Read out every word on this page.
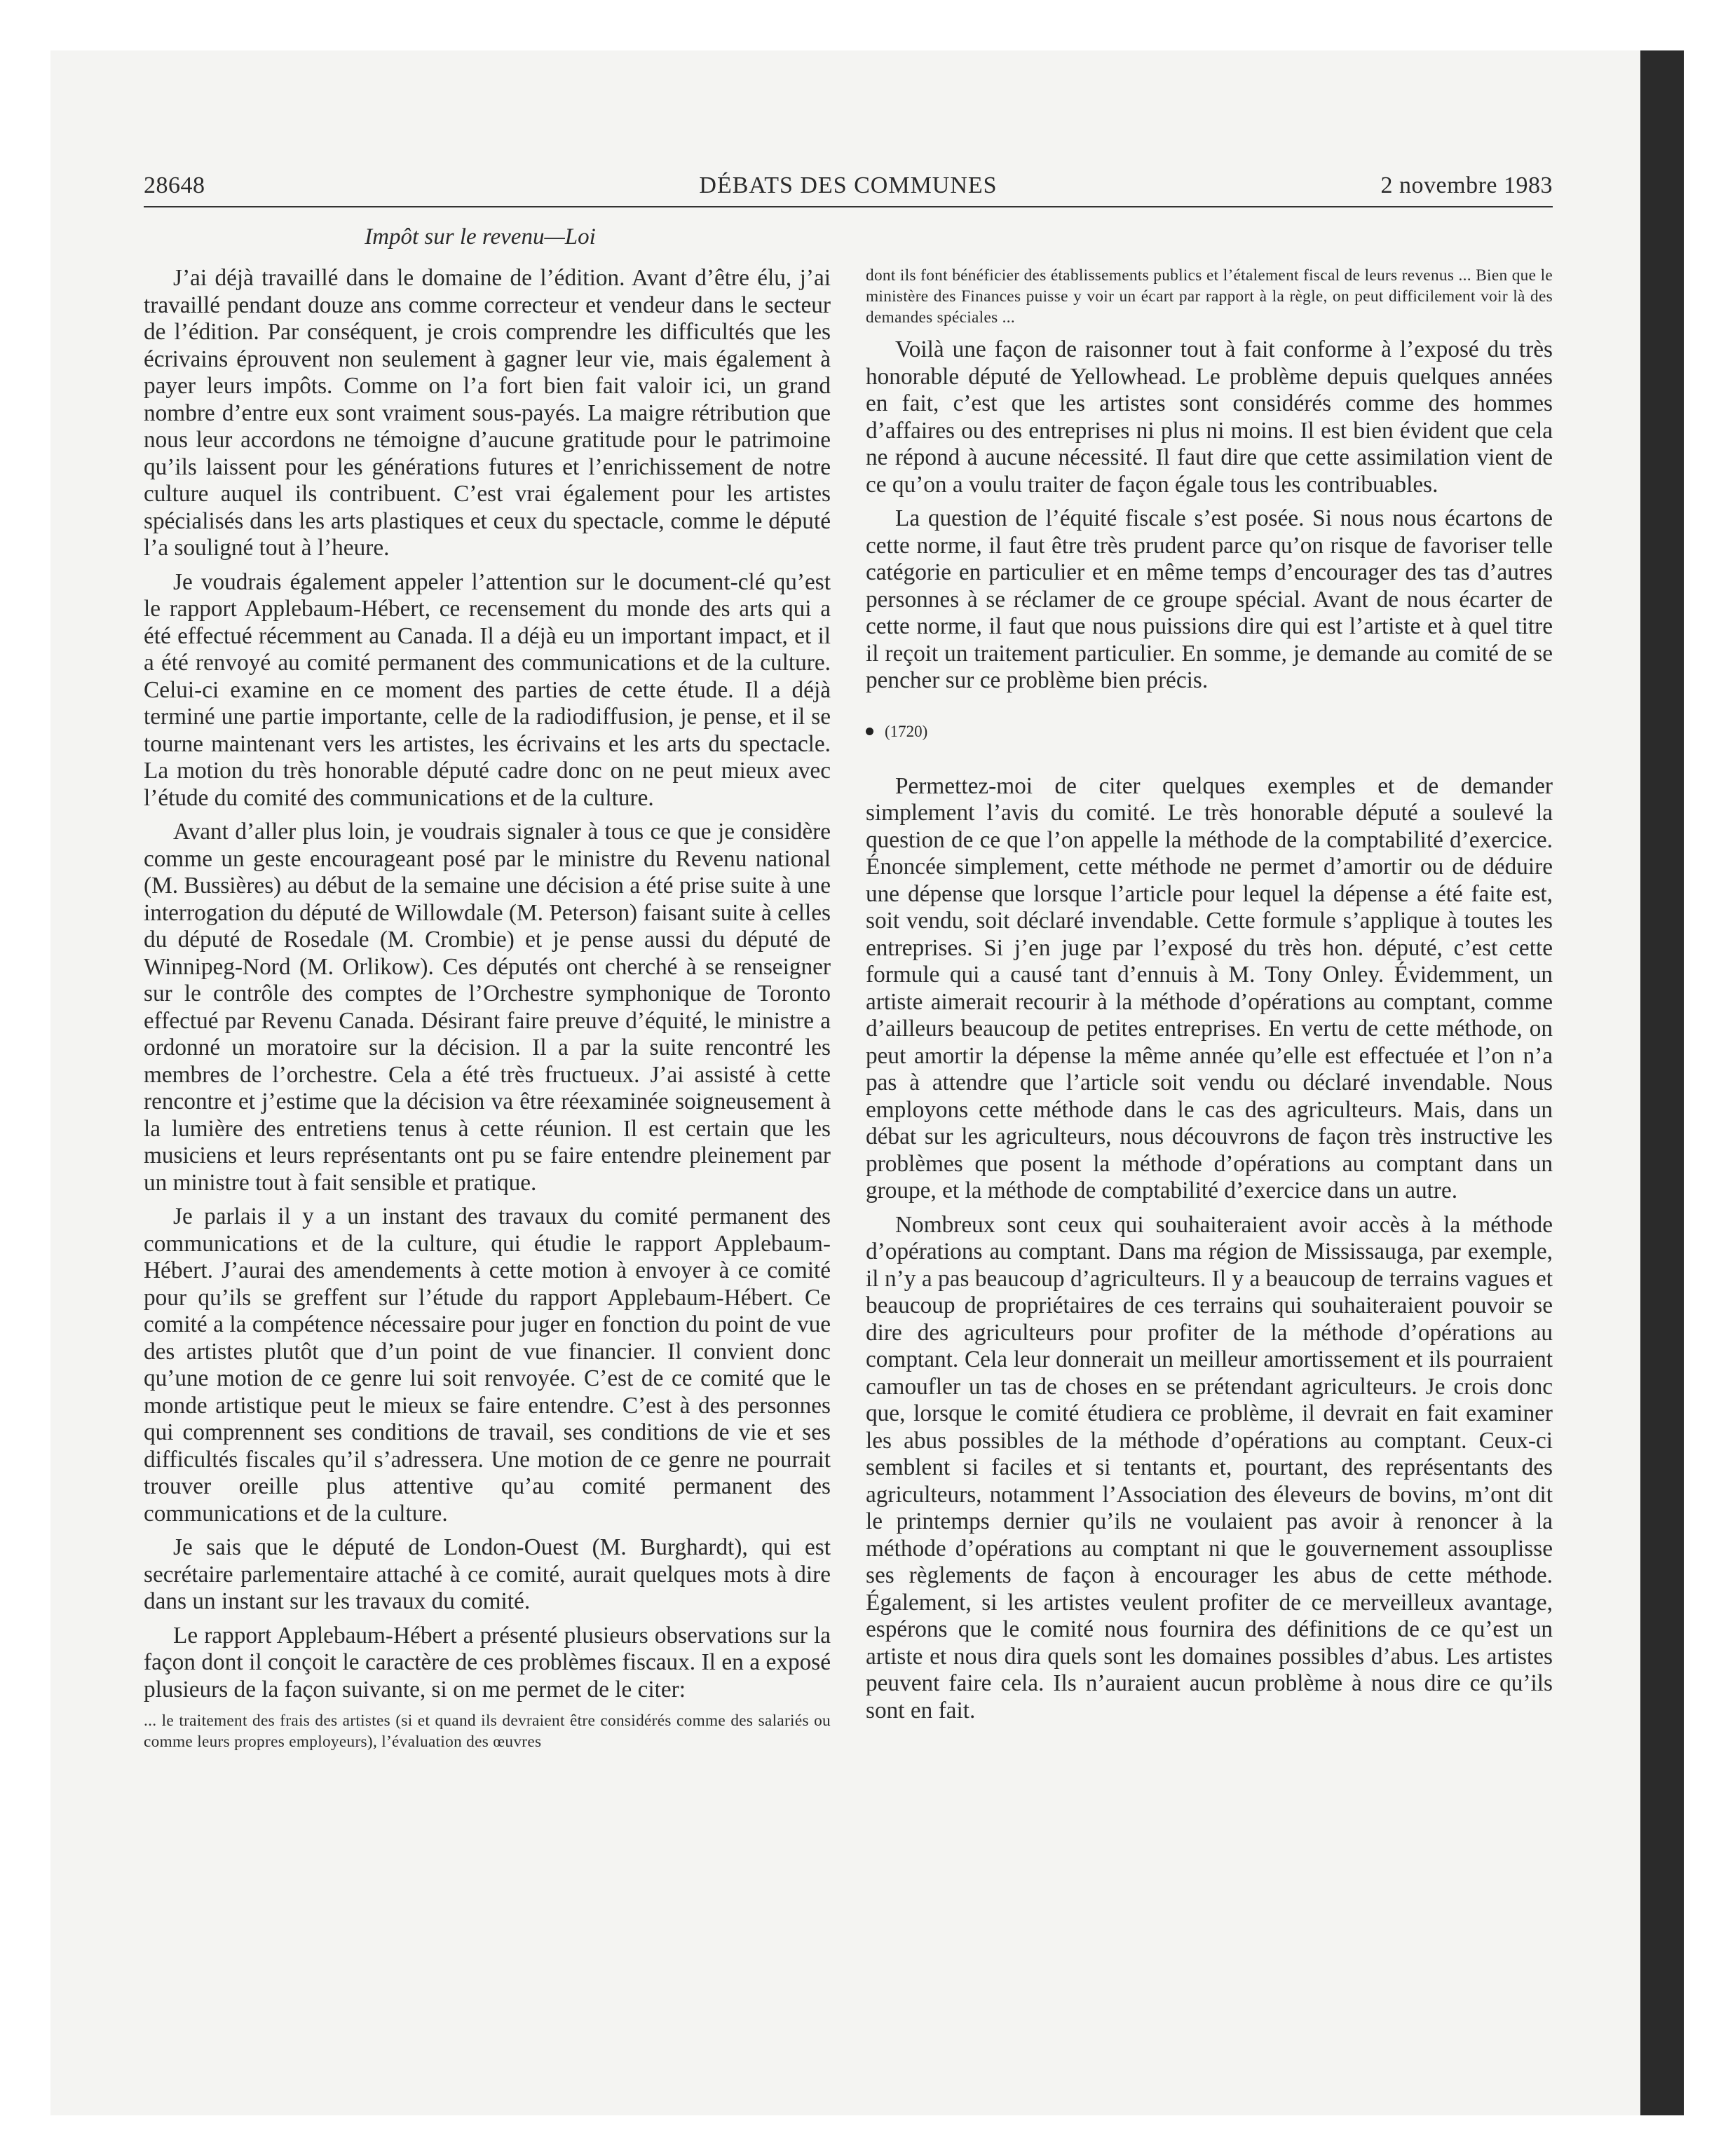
28648	DÉBATS DES COMMUNES	2 novembre 1983
Impôt sur le revenu—Loi

J’ai déjà travaillé dans le domaine de l’édition. Avant d’être élu, j’ai travaillé pendant douze ans comme correcteur et vendeur dans le secteur de l’édition. Par conséquent, je crois comprendre les difficultés que les écrivains éprouvent non seulement à gagner leur vie, mais également à payer leurs impôts. Comme on l’a fort bien fait valoir ici, un grand nombre d’entre eux sont vraiment sous-payés. La maigre rétribution que nous leur accordons ne témoigne d’aucune gratitude pour le patrimoine qu’ils laissent pour les générations futures et l’enrichissement de notre culture auquel ils contribuent. C’est vrai également pour les artistes spécialisés dans les arts plastiques et ceux du spectacle, comme le député l’a souligné tout à l’heure.

Je voudrais également appeler l’attention sur le document-clé qu’est le rapport Applebaum-Hébert, ce recensement du monde des arts qui a été effectué récemment au Canada. Il a déjà eu un important impact, et il a été renvoyé au comité permanent des communications et de la culture. Celui-ci examine en ce moment des parties de cette étude. Il a déjà terminé une partie importante, celle de la radiodiffusion, je pense, et il se tourne maintenant vers les artistes, les écrivains et les arts du spectacle. La motion du très honorable député cadre donc on ne peut mieux avec l’étude du comité des communications et de la culture.

Avant d’aller plus loin, je voudrais signaler à tous ce que je considère comme un geste encourageant posé par le ministre du Revenu national (M. Bussières) au début de la semaine une décision a été prise suite à une interrogation du député de Willowdale (M. Peterson) faisant suite à celles du député de Rosedale (M. Crombie) et je pense aussi du député de Winnipeg-Nord (M. Orlikow). Ces députés ont cherché à se renseigner sur le contrôle des comptes de l’Orchestre symphonique de Toronto effectué par Revenu Canada. Désirant faire preuve d’équité, le ministre a ordonné un moratoire sur la décision. Il a par la suite rencontré les membres de l’orchestre. Cela a été très fructueux. J’ai assisté à cette rencontre et j’estime que la décision va être réexaminée soigneusement à la lumière des entretiens tenus à cette réunion. Il est certain que les musiciens et leurs représentants ont pu se faire entendre pleinement par un ministre tout à fait sensible et pratique.

Je parlais il y a un instant des travaux du comité permanent des communications et de la culture, qui étudie le rapport Applebaum-Hébert. J’aurai des amendements à cette motion à envoyer à ce comité pour qu’ils se greffent sur l’étude du rapport Applebaum-Hébert. Ce comité a la compétence nécessaire pour juger en fonction du point de vue des artistes plutôt que d’un point de vue financier. Il convient donc qu’une motion de ce genre lui soit renvoyée. C’est de ce comité que le monde artistique peut le mieux se faire entendre. C’est à des personnes qui comprennent ses conditions de travail, ses conditions de vie et ses difficultés fiscales qu’il s’adressera. Une motion de ce genre ne pourrait trouver oreille plus attentive qu’au comité permanent des communications et de la culture.

Je sais que le député de London-Ouest (M. Burghardt), qui est secrétaire parlementaire attaché à ce comité, aurait quelques mots à dire dans un instant sur les travaux du comité.

Le rapport Applebaum-Hébert a présenté plusieurs observations sur la façon dont il conçoit le caractère de ces problèmes fiscaux. Il en a exposé plusieurs de la façon suivante, si on me permet de le citer:

... le traitement des frais des artistes (si et quand ils devraient être considérés comme des salariés ou comme leurs propres employeurs), l’évaluation des œuvres

dont ils font bénéficier des établissements publics et l’étalement fiscal de leurs revenus ... Bien que le ministère des Finances puisse y voir un écart par rapport à la règle, on peut difficilement voir là des demandes spéciales ...

Voilà une façon de raisonner tout à fait conforme à l’exposé du très honorable député de Yellowhead. Le problème depuis quelques années en fait, c’est que les artistes sont considérés comme des hommes d’affaires ou des entreprises ni plus ni moins. Il est bien évident que cela ne répond à aucune nécessité. Il faut dire que cette assimilation vient de ce qu’on a voulu traiter de façon égale tous les contribuables.

La question de l’équité fiscale s’est posée. Si nous nous écartons de cette norme, il faut être très prudent parce qu’on risque de favoriser telle catégorie en particulier et en même temps d’encourager des tas d’autres personnes à se réclamer de ce groupe spécial. Avant de nous écarter de cette norme, il faut que nous puissions dire qui est l’artiste et à quel titre il reçoit un traitement particulier. En somme, je demande au comité de se pencher sur ce problème bien précis.

(1720)

Permettez-moi de citer quelques exemples et de demander simplement l’avis du comité. Le très honorable député a soulevé la question de ce que l’on appelle la méthode de la comptabilité d’exercice. Énoncée simplement, cette méthode ne permet d’amortir ou de déduire une dépense que lorsque l’article pour lequel la dépense a été faite est, soit vendu, soit déclaré invendable. Cette formule s’applique à toutes les entreprises. Si j’en juge par l’exposé du très hon. député, c’est cette formule qui a causé tant d’ennuis à M. Tony Onley. Évidemment, un artiste aimerait recourir à la méthode d’opérations au comptant, comme d’ailleurs beaucoup de petites entreprises. En vertu de cette méthode, on peut amortir la dépense la même année qu’elle est effectuée et l’on n’a pas à attendre que l’article soit vendu ou déclaré invendable. Nous employons cette méthode dans le cas des agriculteurs. Mais, dans un débat sur les agriculteurs, nous découvrons de façon très instructive les problèmes que posent la méthode d’opérations au comptant dans un groupe, et la méthode de comptabilité d’exercice dans un autre.

Nombreux sont ceux qui souhaiteraient avoir accès à la méthode d’opérations au comptant. Dans ma région de Mississauga, par exemple, il n’y a pas beaucoup d’agriculteurs. Il y a beaucoup de terrains vagues et beaucoup de propriétaires de ces terrains qui souhaiteraient pouvoir se dire des agriculteurs pour profiter de la méthode d’opérations au comptant. Cela leur donnerait un meilleur amortissement et ils pourraient camoufler un tas de choses en se prétendant agriculteurs. Je crois donc que, lorsque le comité étudiera ce problème, il devrait en fait examiner les abus possibles de la méthode d’opérations au comptant. Ceux-ci semblent si faciles et si tentants et, pourtant, des représentants des agriculteurs, notamment l’Association des éleveurs de bovins, m’ont dit le printemps dernier qu’ils ne voulaient pas avoir à renoncer à la méthode d’opérations au comptant ni que le gouvernement assouplisse ses règlements de façon à encourager les abus de cette méthode. Également, si les artistes veulent profiter de ce merveilleux avantage, espérons que le comité nous fournira des définitions de ce qu’est un artiste et nous dira quels sont les domaines possibles d’abus. Les artistes peuvent faire cela. Ils n’auraient aucun problème à nous dire ce qu’ils sont en fait.
